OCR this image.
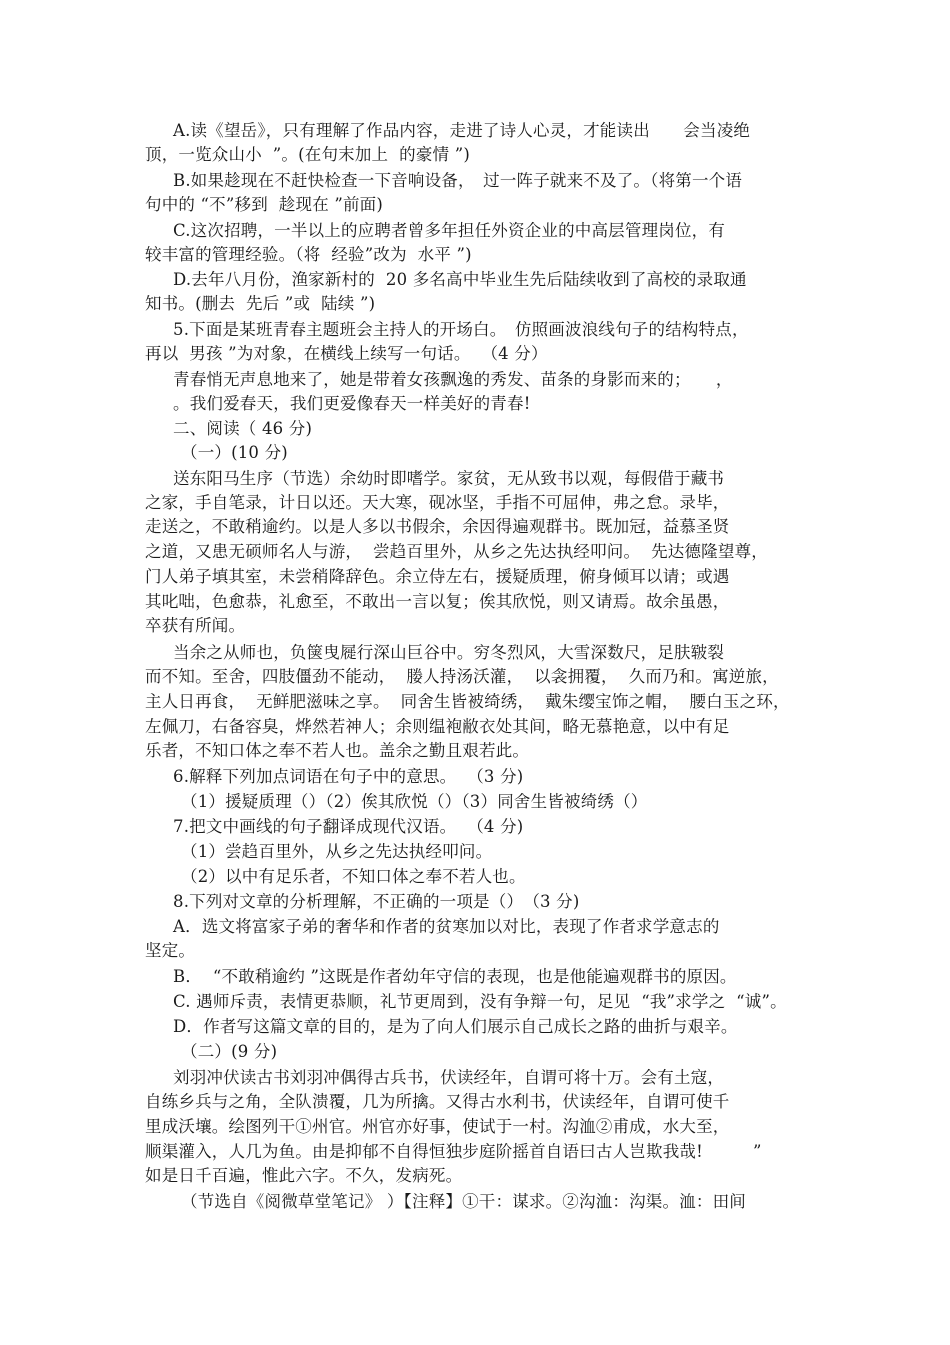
A.读《望岳》，只有理解了作品内容，走进了诗人心灵，才能读出　　会当凌绝
顶，一览众山小  ”。(在句末加上  的豪情 ”)
B.如果趁现在不赶快检查一下音响设备，　过一阵子就来不及了。（将第一个语
句中的 “不”移到  趁现在 ”前面)
C.这次招聘，一半以上的应聘者曾多年担任外资企业的中高层管理岗位，有
较丰富的管理经验。（将  经验”改为  水平 ”)
D.去年八月份，渔家新村的  20 多名高中毕业生先后陆续收到了高校的录取通
知书。(删去  先后 ”或  陆续 ”)
5.下面是某班青春主题班会主持人的开场白。　仿照画波浪线句子的结构特点，
再以  男孩 ”为对象，在横线上续写一句话。  （4 分）
青春悄无声息地来了，她是带着女孩飘逸的秀发、苗条的身影而来的；　　，
。我们爱春天，我们更爱像春天一样美好的青春!
二、阅读（ 46 分)
（一）(10 分)
送东阳马生序（节选）余幼时即嗜学。家贫，无从致书以观，每假借于藏书
之家，手自笔录，计日以还。天大寒，砚冰坚，手指不可屈伸，弗之怠。录毕，
走送之，不敢稍逾约。以是人多以书假余，余因得遍观群书。既加冠，益慕圣贤
之道，又患无硕师名人与游，  尝趋百里外，从乡之先达执经叩问。  先达德隆望尊，
门人弟子填其室，未尝稍降辞色。余立侍左右，援疑质理，俯身倾耳以请；或遇
其叱咄，色愈恭，礼愈至，不敢出一言以复；俟其欣悦，则又请焉。故余虽愚，
卒获有所闻。
当余之从师也，负箧曳屣行深山巨谷中。穷冬烈风，大雪深数尺，足肤皲裂
而不知。至舍，四肢僵劲不能动，  媵人持汤沃灌，  以衾拥覆，  久而乃和。寓逆旅，
主人日再食，  无鲜肥滋味之享。  同舍生皆被绮绣，  戴朱缨宝饰之帽，  腰白玉之环，
左佩刀，右备容臭，烨然若神人；余则缊袍敝衣处其间，略无慕艳意，以中有足
乐者，不知口体之奉不若人也。盖余之勤且艰若此。
6.解释下列加点词语在句子中的意思。  （3 分)
（1）援疑质理（）（2）俟其欣悦（）（3）同舍生皆被绮绣（）
7.把文中画线的句子翻译成现代汉语。  （4 分)
（1）尝趋百里外，从乡之先达执经叩问。
（2）以中有足乐者，不知口体之奉不若人也。
8.下列对文章的分析理解，不正确的一项是（）　（3 分)
A．选文将富家子弟的奢华和作者的贫寒加以对比，表现了作者求学意志的
坚定。
B．  “不敢稍逾约 ”这既是作者幼年守信的表现，也是他能遍观群书的原因。
C. 遇师斥责，表情更恭顺，礼节更周到，没有争辩一句，足见  “我”求学之  “诚”。
D．作者写这篇文章的目的，是为了向人们展示自己成长之路的曲折与艰辛。
（二）(9 分)
刘羽冲伏读古书刘羽冲偶得古兵书，伏读经年，自谓可将十万。会有土寇，
自练乡兵与之角，全队溃覆，几为所擒。又得古水利书，伏读经年，自谓可使千
里成沃壤。绘图列干①州官。州官亦好事，使试于一村。沟洫②甫成，水大至，
顺渠灌入，人几为鱼。由是抑郁不自得恒独步庭阶摇首自语曰古人岂欺我哉!　　　”
如是日千百遍，惟此六字。不久，发病死。
（节选自《阅微草堂笔记》 ）【注释】①干：谋求。②沟洫：沟渠。洫：田间
